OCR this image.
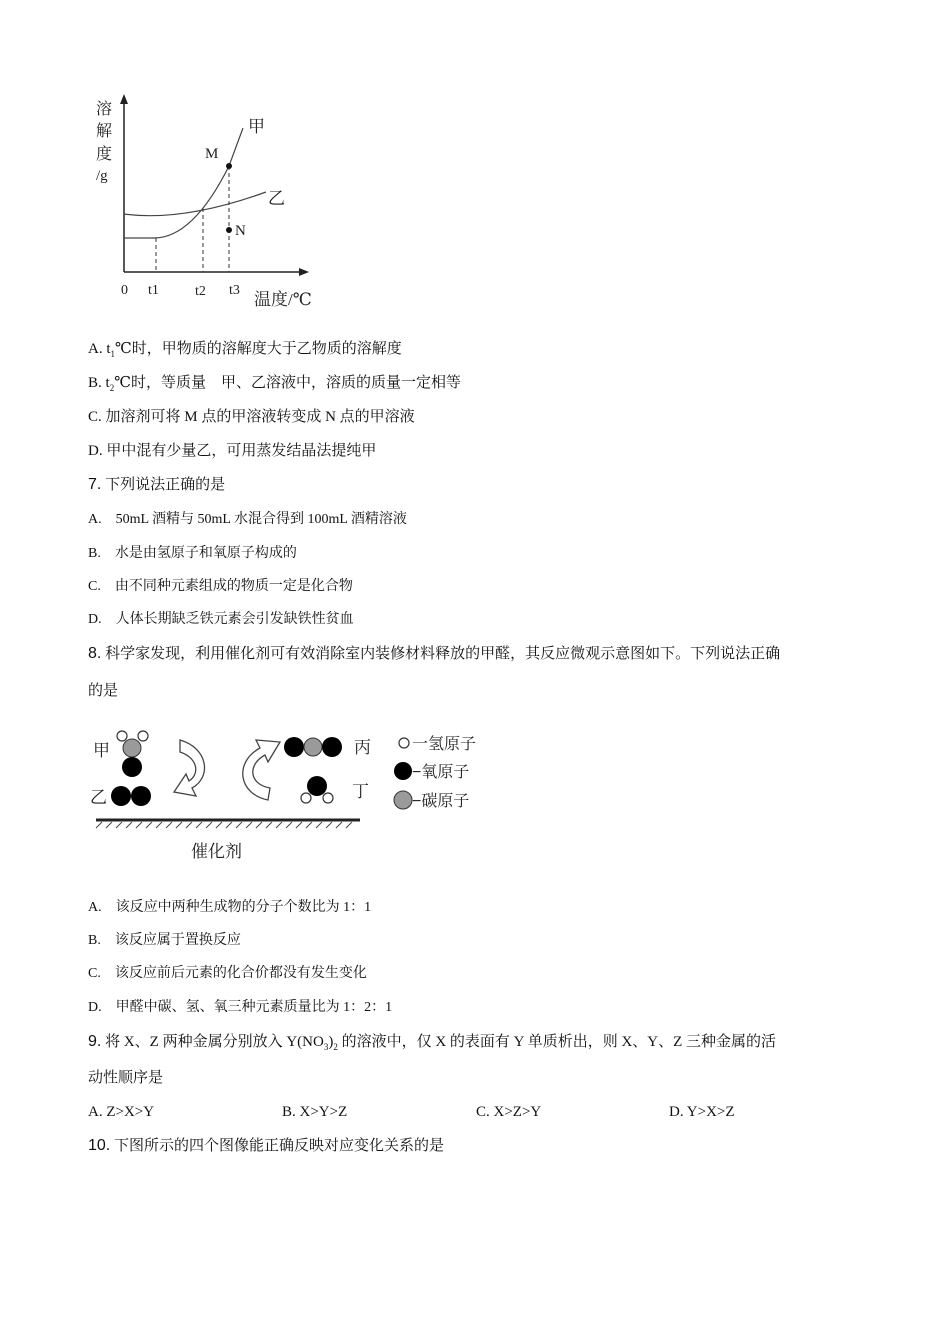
溶
解
度
/g
M
N
甲
乙
0 t1	t2 t3 温度/℃
A. $t_1℃$时，甲物质的溶解度大于乙物质的溶解度
B. $t_2℃$时，等质量　甲、乙溶液中，溶质的质量一定相等
C. 加溶剂可将 M 点的甲溶液转变成 N 点的甲溶液
D. 甲中混有少量乙，可用蒸发结晶法提纯甲
7. 下列说法正确的是
A.　50mL 酒精与 50mL 水混合得到 100mL 酒精溶液
B.　水是由氢原子和氧原子构成的
C.　由不同种元素组成的物质一定是化合物
D.　人体长期缺乏铁元素会引发缺铁性贫血
8. 科学家发现，利用催化剂可有效消除室内装修材料释放的甲醛，其反应微观示意图如下。下列说法正确
的是
甲
乙
丙
丁
一氢原子
−氧原子
−碳原子
催化剂
A.　该反应中两种生成物的分子个数比为 1：1
B.　该反应属于置换反应
C.　该反应前后元素的化合价都没有发生变化
D.　甲醛中碳、氢、氧三种元素质量比为 1：2：1
9. 将 X、Z 两种金属分别放入 $Y(NO_3)_2$ 的溶液中，仅 X 的表面有 Y 单质析出，则 X、Y、Z 三种金属的活
动性顺序是
A. Z>X>Y	B. X>Y>Z	C. X>Z>Y	D. Y>X>Z
10. 下图所示的四个图像能正确反映对应变化关系的是
